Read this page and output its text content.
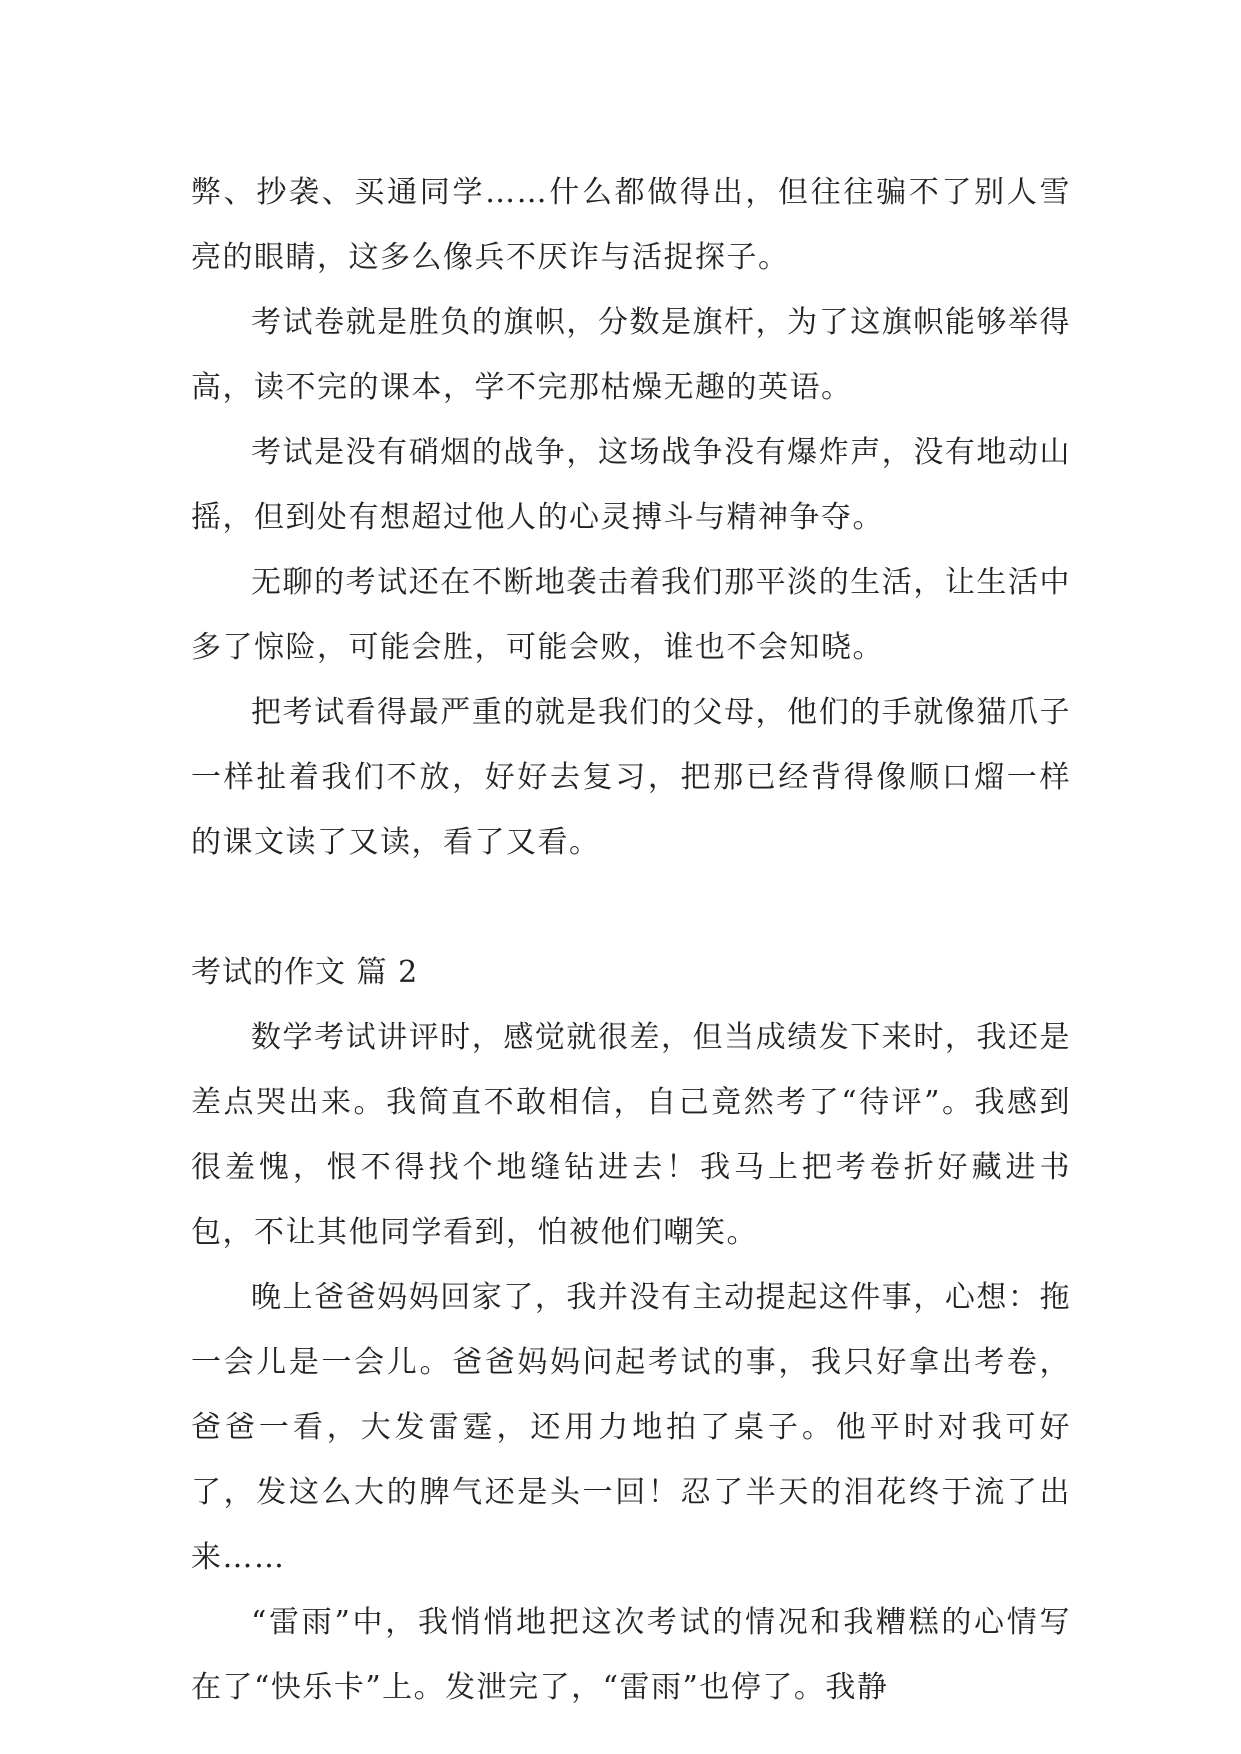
弊、抄袭、买通同学……什么都做得出，但往往骗不了别人雪亮的眼睛，这多么像兵不厌诈与活捉探子。

考试卷就是胜负的旗帜，分数是旗杆，为了这旗帜能够举得高，读不完的课本，学不完那枯燥无趣的英语。

考试是没有硝烟的战争，这场战争没有爆炸声，没有地动山摇，但到处有想超过他人的心灵搏斗与精神争夺。

无聊的考试还在不断地袭击着我们那平淡的生活，让生活中多了惊险，可能会胜，可能会败，谁也不会知晓。

把考试看得最严重的就是我们的父母，他们的手就像猫爪子一样扯着我们不放，好好去复习，把那已经背得像顺口熘一样的课文读了又读，看了又看。

考试的作文 篇 2

数学考试讲评时，感觉就很差，但当成绩发下来时，我还是差点哭出来。我简直不敢相信，自己竟然考了“待评”。我感到很羞愧，恨不得找个地缝钻进去！我马上把考卷折好藏进书包，不让其他同学看到，怕被他们嘲笑。

晚上爸爸妈妈回家了，我并没有主动提起这件事，心想：拖一会儿是一会儿。爸爸妈妈问起考试的事，我只好拿出考卷，爸爸一看，大发雷霆，还用力地拍了桌子。他平时对我可好了，发这么大的脾气还是头一回！忍了半天的泪花终于流了出来……

“雷雨”中，我悄悄地把这次考试的情况和我糟糕的心情写在了“快乐卡”上。发泄完了，“雷雨”也停了。我静
